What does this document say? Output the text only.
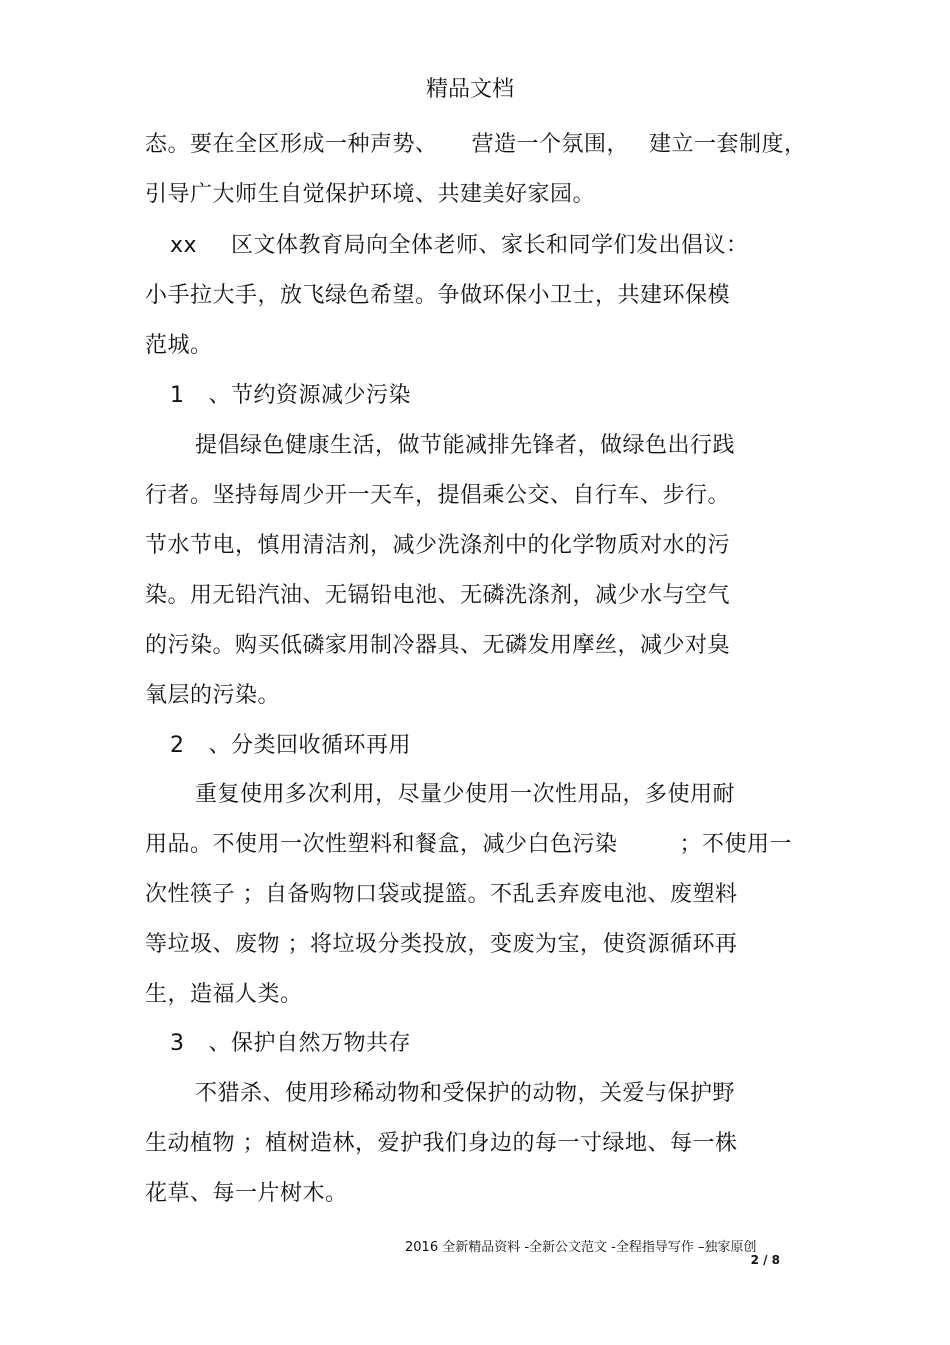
精品文档
态。要在全区形成一种声势、 营造一个氛围， 建立一套制度，
引导广大师生自觉保护环境、共建美好家园。
xx 区文体教育局向全体老师、家长和同学们发出倡议：
小手拉大手，放飞绿色希望。争做环保小卫士，共建环保模
范城。
1 、节约资源减少污染
提倡绿色健康生活，做节能减排先锋者，做绿色出行践
行者。坚持每周少开一天车，提倡乘公交、自行车、步行。
节水节电，慎用清洁剂，减少洗涤剂中的化学物质对水的污
染。用无铅汽油、无镉铅电池、无磷洗涤剂，减少水与空气
的污染。购买低磷家用制冷器具、无磷发用摩丝，减少对臭
氧层的污染。
2 、分类回收循环再用
重复使用多次利用，尽量少使用一次性用品，多使用耐
用品。不使用一次性塑料和餐盒，减少白色污染	；不使用一
次性筷子 ；自备购物口袋或提篮。不乱丢弃废电池、废塑料
等垃圾、废物 ；将垃圾分类投放，变废为宝，使资源循环再
生，造福人类。
3 、保护自然万物共存
不猎杀、使用珍稀动物和受保护的动物，关爱与保护野
生动植物 ；植树造林，爱护我们身边的每一寸绿地、每一株
花草、每一片树木。
2016 全新精品资料 -全新公文范文 -全程指导写作 –独家原创
2 / 8
